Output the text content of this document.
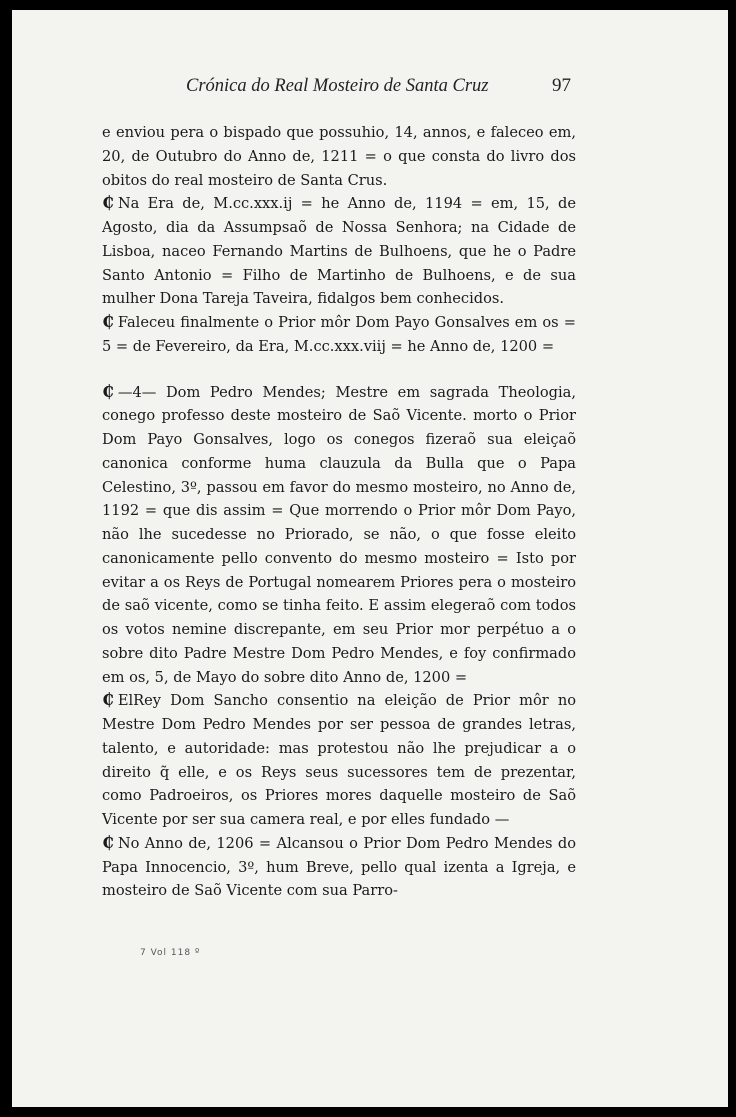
Crónica do Real Mosteiro de Santa Cruz	97

e enviou pera o bispado que possuhio, 14, annos, e faleceo em, 20, de Outubro do Anno de, 1211 = o que consta do livro dos obitos do real mosteiro de Santa Crus.

₵ Na Era de, M.cc.xxx.ij = he Anno de, 1194 = em, 15, de Agosto, dia da Assumpsaõ de Nossa Senhora; na Cidade de Lisboa, naceo Fernando Martins de Bulhoens, que he o Padre Santo Antonio = Filho de Martinho de Bulhoens, e de sua mulher Dona Tareja Taveira, fidalgos bem conhecidos.

₵ Faleceu finalmente o Prior môr Dom Payo Gonsalves em os = 5 = de Fevereiro, da Era, M.cc.xxx.viij = he Anno de, 1200 =

₵ —4— Dom Pedro Mendes; Mestre em sagrada Theologia, conego professo deste mosteiro de Saõ Vicente. morto o Prior Dom Payo Gonsalves, logo os conegos fizeraõ sua eleiçaõ canonica conforme huma clauzula da Bulla que o Papa Celestino, 3º, passou em favor do mesmo mosteiro, no Anno de, 1192 = que dis assim = Que morrendo o Prior môr Dom Payo, não lhe sucedesse no Priorado, se não, o que fosse eleito canonicamente pello convento do mesmo mosteiro = Isto por evitar a os Reys de Portugal nomearem Priores pera o mosteiro de saõ vicente, como se tinha feito. E assim elegeraõ com todos os votos nemine discrepante, em seu Prior mor perpétuo a o sobre dito Padre Mestre Dom Pedro Mendes, e foy confirmado em os, 5, de Mayo do sobre dito Anno de, 1200 =

₵ ElRey Dom Sancho consentio na eleição de Prior môr no Mestre Dom Pedro Mendes por ser pessoa de grandes letras, talento, e autoridade: mas protestou não lhe prejudicar a o direito q̃ elle, e os Reys seus sucessores tem de prezentar, como Padroeiros, os Priores mores daquelle mosteiro de Saõ Vicente por ser sua camera real, e por elles fundado —

₵ No Anno de, 1206 = Alcansou o Prior Dom Pedro Mendes do Papa Innocencio, 3º, hum Breve, pello qual izenta a Igreja, e mosteiro de Saõ Vicente com sua Parro-

7 Vol 118 º
